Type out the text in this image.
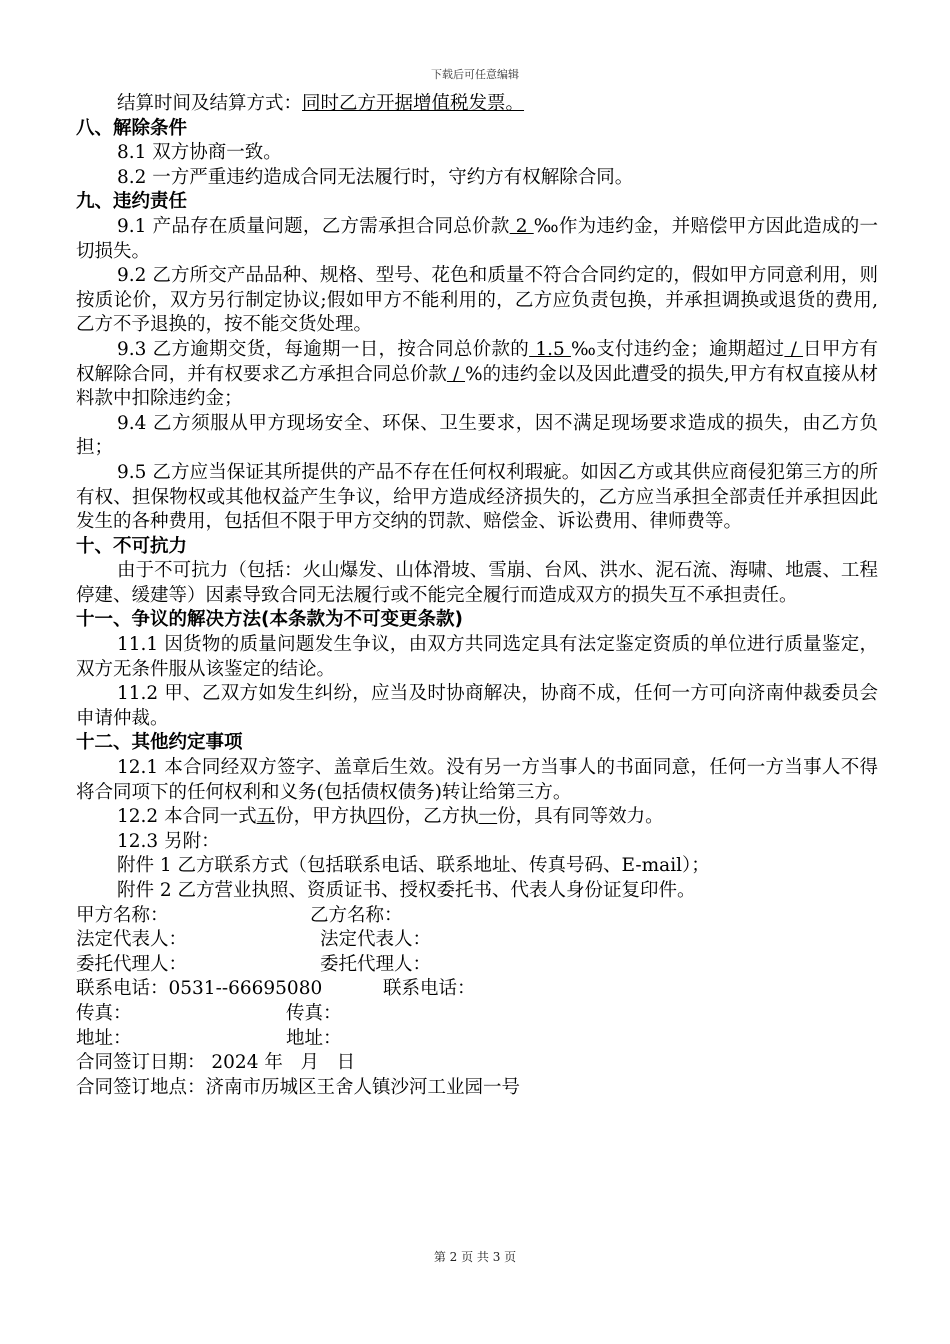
下载后可任意编辑

结算时间及结算方式：同时乙方开据增值税发票。

八、解除条件

8.1 双方协商一致。

8.2 一方严重违约造成合同无法履行时，守约方有权解除合同。

九、违约责任

9.1 产品存在质量问题，乙方需承担合同总价款 2 ‰作为违约金，并赔偿甲方因此造成的一切损失。

9.2 乙方所交产品品种、规格、型号、花色和质量不符合合同约定的，假如甲方同意利用，则按质论价，双方另行制定协议;假如甲方不能利用的，乙方应负责包换，并承担调换或退货的费用,乙方不予退换的，按不能交货处理。

9.3 乙方逾期交货，每逾期一日，按合同总价款的 1.5 ‰支付违约金；逾期超过 / 日甲方有权解除合同，并有权要求乙方承担合同总价款 / %的违约金以及因此遭受的损失,甲方有权直接从材料款中扣除违约金；

9.4 乙方须服从甲方现场安全、环保、卫生要求，因不满足现场要求造成的损失，由乙方负担；

9.5 乙方应当保证其所提供的产品不存在任何权利瑕疵。如因乙方或其供应商侵犯第三方的所有权、担保物权或其他权益产生争议，给甲方造成经济损失的，乙方应当承担全部责任并承担因此发生的各种费用，包括但不限于甲方交纳的罚款、赔偿金、诉讼费用、律师费等。

十、不可抗力

由于不可抗力（包括：火山爆发、山体滑坡、雪崩、台风、洪水、泥石流、海啸、地震、工程停建、缓建等）因素导致合同无法履行或不能完全履行而造成双方的损失互不承担责任。

十一、争议的解决方法(本条款为不可变更条款)

11.1 因货物的质量问题发生争议，由双方共同选定具有法定鉴定资质的单位进行质量鉴定，双方无条件服从该鉴定的结论。

11.2 甲、乙双方如发生纠纷，应当及时协商解决，协商不成，任何一方可向济南仲裁委员会申请仲裁。

十二、其他约定事项

12.1 本合同经双方签字、盖章后生效。没有另一方当事人的书面同意，任何一方当事人不得将合同项下的任何权利和义务(包括债权债务)转让给第三方。

12.2 本合同一式五份，甲方执四份，乙方执一份，具有同等效力。

12.3 另附：

附件 1 乙方联系方式（包括联系电话、联系地址、传真号码、E-mail）；

附件 2 乙方营业执照、资质证书、授权委托书、代表人身份证复印件。

甲方名称：	乙方名称：
法定代表人：	法定代表人：
委托代理人：	委托代理人：
联系电话：0531--66695080	联系电话：
传真：	传真：
地址：	地址：
合同签订日期： 2024 年   月   日
合同签订地点：济南市历城区王舍人镇沙河工业园一号
第 2 页 共 3 页
